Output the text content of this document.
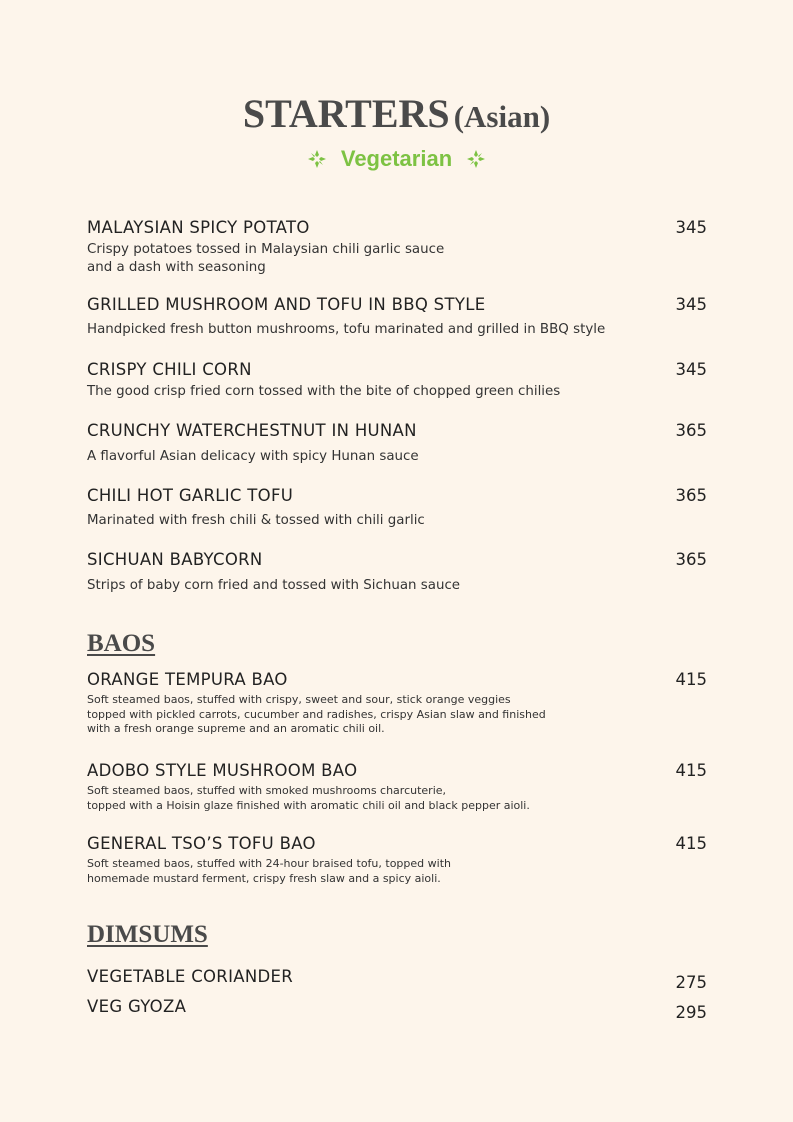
STARTERS (Asian)
Vegetarian
MALAYSIAN SPICY POTATO	345
Crispy potatoes tossed in Malaysian chili garlic sauce
and a dash with seasoning
GRILLED MUSHROOM AND TOFU IN BBQ STYLE	345
Handpicked fresh button mushrooms, tofu marinated and grilled in BBQ style
CRISPY CHILI CORN	345
The good crisp fried corn tossed with the bite of chopped green chilies
CRUNCHY WATERCHESTNUT IN HUNAN	365
A flavorful Asian delicacy with spicy Hunan sauce
CHILI HOT GARLIC TOFU	365
Marinated with fresh chili & tossed with chili garlic
SICHUAN BABYCORN	365
Strips of baby corn fried and tossed with Sichuan sauce
BAOS
ORANGE TEMPURA BAO	415
Soft steamed baos, stuffed with crispy, sweet and sour, stick orange veggies
topped with pickled carrots, cucumber and radishes, crispy Asian slaw and finished
with a fresh orange supreme and an aromatic chili oil.
ADOBO STYLE MUSHROOM BAO	415
Soft steamed baos, stuffed with smoked mushrooms charcuterie,
topped with a Hoisin glaze finished with aromatic chili oil and black pepper aioli.
GENERAL TSO’S TOFU BAO	415
Soft steamed baos, stuffed with 24-hour braised tofu, topped with
homemade mustard ferment, crispy fresh slaw and a spicy aioli.
DIMSUMS
VEGETABLE CORIANDER	275
VEG GYOZA	295
